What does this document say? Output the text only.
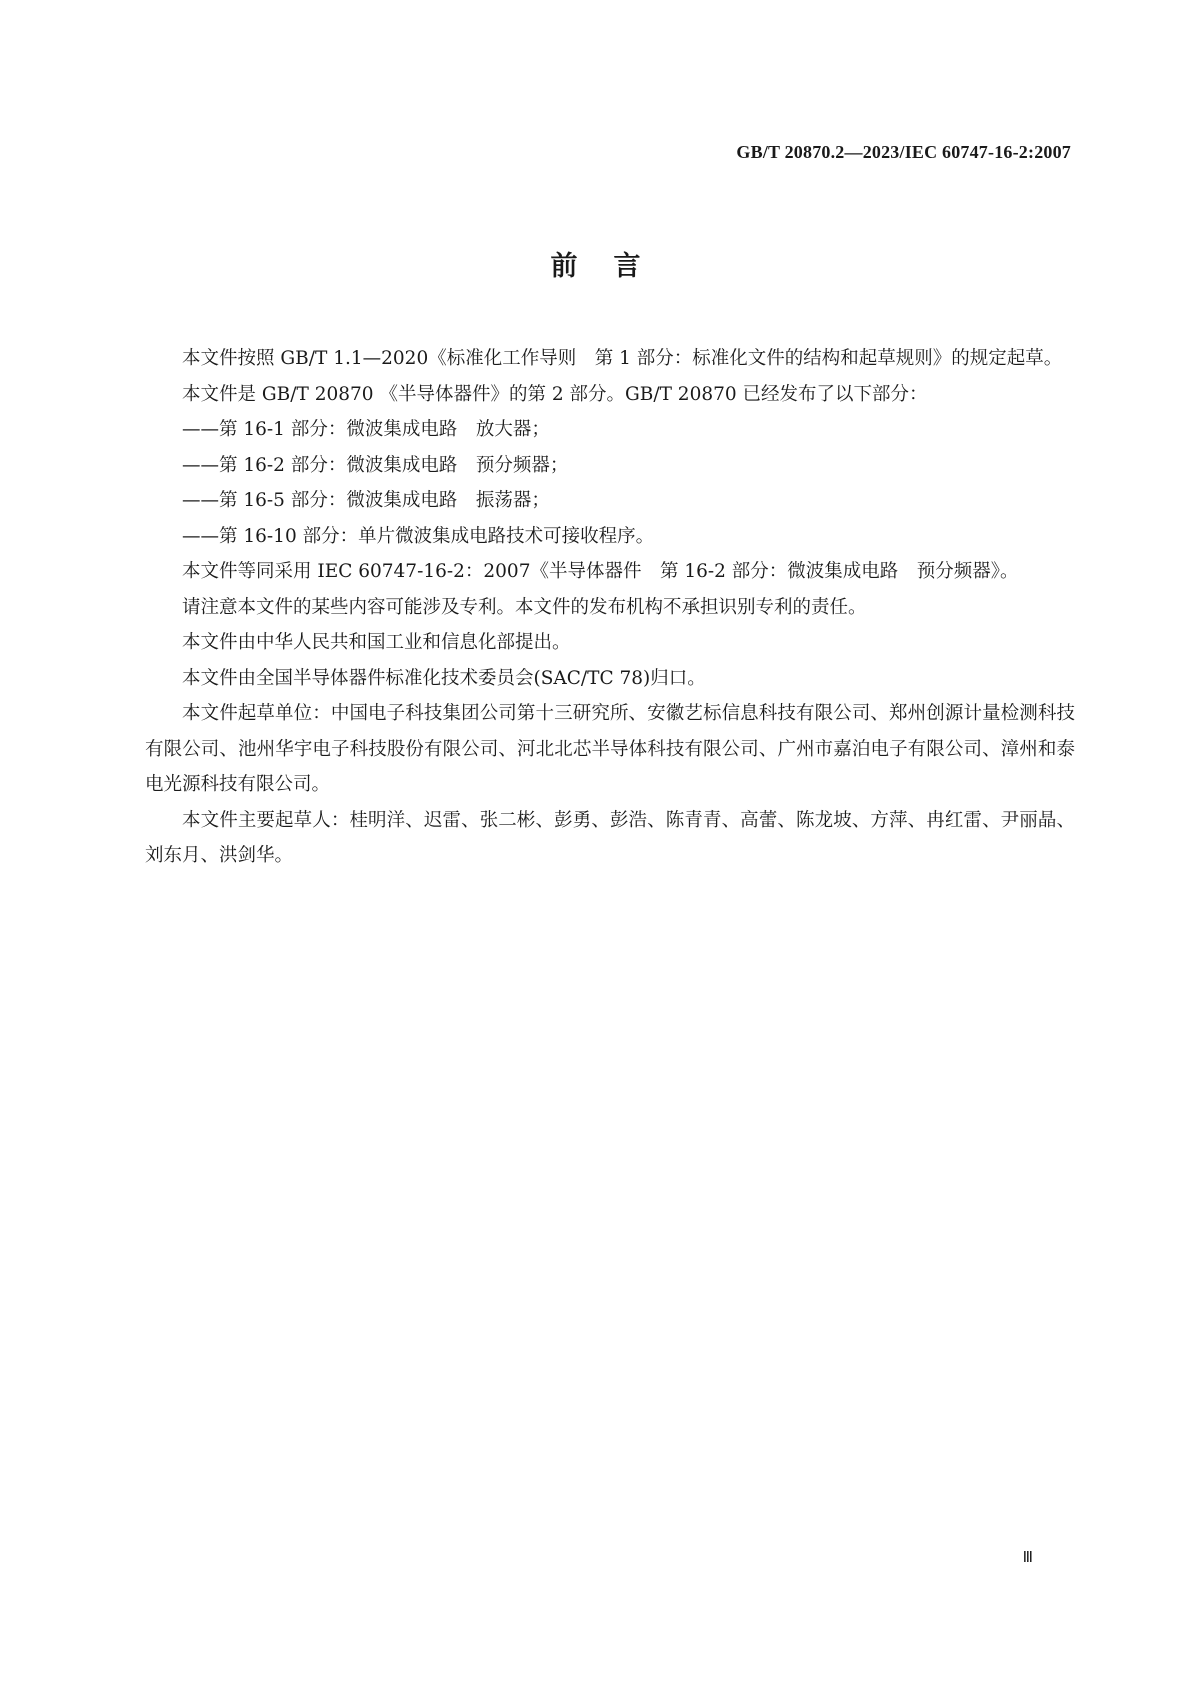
GB/T 20870.2—2023/IEC 60747-16-2:2007
前言

本文件按照 GB/T 1.1—2020《标准化工作导则　第 1 部分：标准化文件的结构和起草规则》的规定起草。

本文件是 GB/T 20870 《半导体器件》的第 2 部分。GB/T 20870 已经发布了以下部分：

——第 16-1 部分：微波集成电路　放大器；

——第 16-2 部分：微波集成电路　预分频器；

——第 16-5 部分：微波集成电路　振荡器；

——第 16-10 部分：单片微波集成电路技术可接收程序。

本文件等同采用 IEC 60747-16-2：2007《半导体器件　第 16-2 部分：微波集成电路　预分频器》。

请注意本文件的某些内容可能涉及专利。本文件的发布机构不承担识别专利的责任。

本文件由中华人民共和国工业和信息化部提出。

本文件由全国半导体器件标准化技术委员会(SAC/TC 78)归口。

本文件起草单位：中国电子科技集团公司第十三研究所、安徽艺标信息科技有限公司、郑州创源计量检测科技有限公司、池州华宇电子科技股份有限公司、河北北芯半导体科技有限公司、广州市嘉泊电子有限公司、漳州和泰电光源科技有限公司。

本文件主要起草人：桂明洋、迟雷、张二彬、彭勇、彭浩、陈青青、高蕾、陈龙坡、方萍、冉红雷、尹丽晶、刘东月、洪剑华。

Ⅲ
